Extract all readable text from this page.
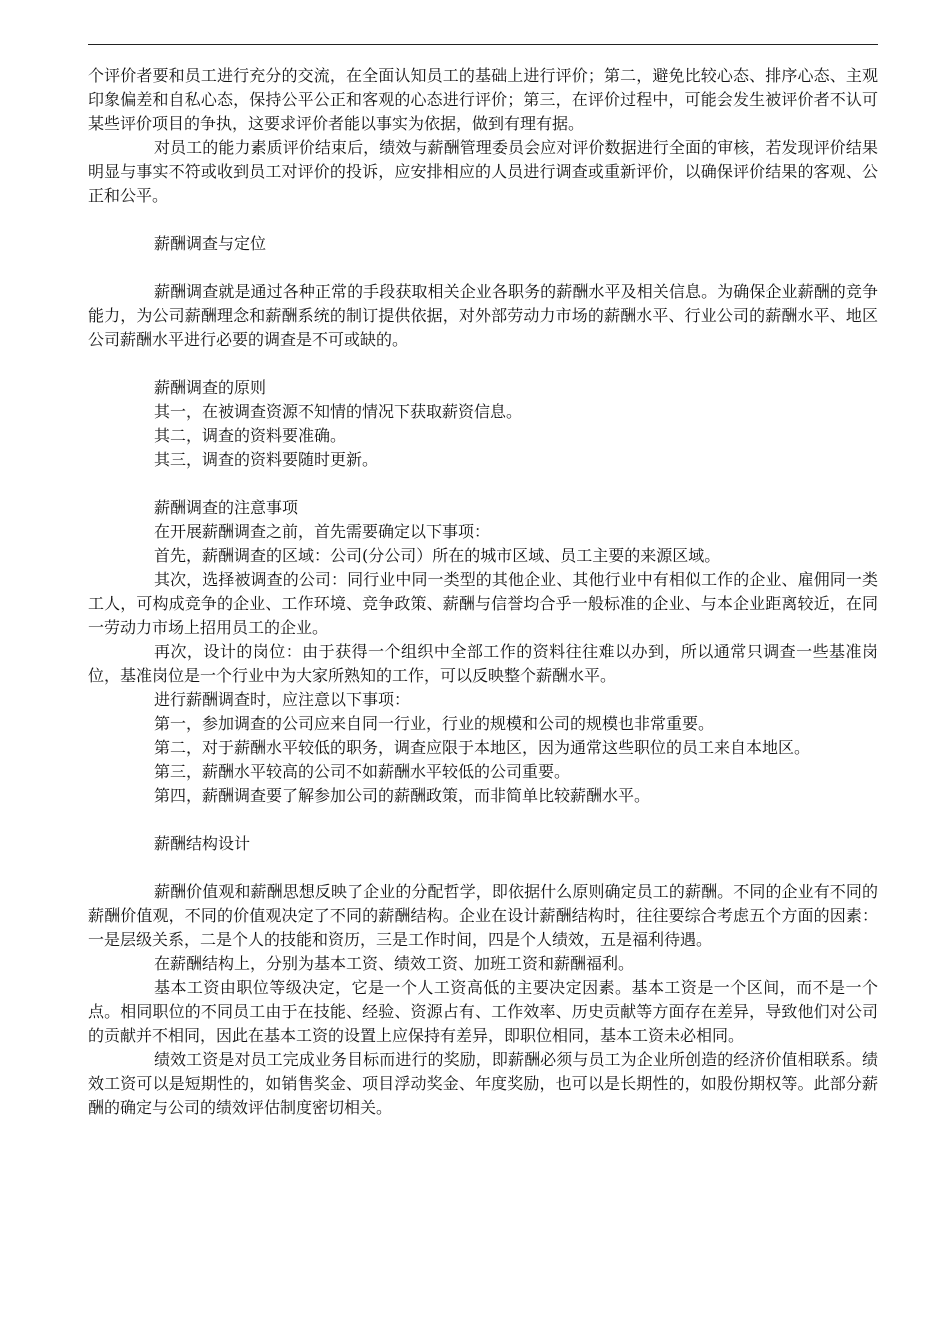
个评价者要和员工进行充分的交流，在全面认知员工的基础上进行评价；第二，避免比较心态、排序心态、主观印象偏差和自私心态，保持公平公正和客观的心态进行评价；第三，在评价过程中，可能会发生被评价者不认可某些评价项目的争执，这要求评价者能以事实为依据，做到有理有据。

对员工的能力素质评价结束后，绩效与薪酬管理委员会应对评价数据进行全面的审核，若发现评价结果明显与事实不符或收到员工对评价的投诉，应安排相应的人员进行调查或重新评价，以确保评价结果的客观、公正和公平。

薪酬调查与定位

薪酬调查就是通过各种正常的手段获取相关企业各职务的薪酬水平及相关信息。为确保企业薪酬的竞争能力，为公司薪酬理念和薪酬系统的制订提供依据，对外部劳动力市场的薪酬水平、行业公司的薪酬水平、地区公司薪酬水平进行必要的调查是不可或缺的。

薪酬调查的原则

其一，在被调查资源不知情的情况下获取薪资信息。

其二，调查的资料要准确。

其三，调查的资料要随时更新。

薪酬调查的注意事项

在开展薪酬调查之前，首先需要确定以下事项：

首先，薪酬调查的区域：公司(分公司）所在的城市区域、员工主要的来源区域。

其次，选择被调查的公司：同行业中同一类型的其他企业、其他行业中有相似工作的企业、雇佣同一类工人，可构成竞争的企业、工作环境、竞争政策、薪酬与信誉均合乎一般标准的企业、与本企业距离较近，在同一劳动力市场上招用员工的企业。

再次，设计的岗位：由于获得一个组织中全部工作的资料往往难以办到，所以通常只调查一些基准岗位，基准岗位是一个行业中为大家所熟知的工作，可以反映整个薪酬水平。

进行薪酬调查时，应注意以下事项：

第一，参加调查的公司应来自同一行业，行业的规模和公司的规模也非常重要。

第二，对于薪酬水平较低的职务，调查应限于本地区，因为通常这些职位的员工来自本地区。

第三，薪酬水平较高的公司不如薪酬水平较低的公司重要。

第四，薪酬调查要了解参加公司的薪酬政策，而非简单比较薪酬水平。

薪酬结构设计

薪酬价值观和薪酬思想反映了企业的分配哲学，即依据什么原则确定员工的薪酬。不同的企业有不同的薪酬价值观，不同的价值观决定了不同的薪酬结构。企业在设计薪酬结构时，往往要综合考虑五个方面的因素：一是层级关系，二是个人的技能和资历，三是工作时间，四是个人绩效，五是福利待遇。

在薪酬结构上，分别为基本工资、绩效工资、加班工资和薪酬福利。

基本工资由职位等级决定，它是一个人工资高低的主要决定因素。基本工资是一个区间，而不是一个点。相同职位的不同员工由于在技能、经验、资源占有、工作效率、历史贡献等方面存在差异，导致他们对公司的贡献并不相同，因此在基本工资的设置上应保持有差异，即职位相同，基本工资未必相同。

绩效工资是对员工完成业务目标而进行的奖励，即薪酬必须与员工为企业所创造的经济价值相联系。绩效工资可以是短期性的，如销售奖金、项目浮动奖金、年度奖励，也可以是长期性的，如股份期权等。此部分薪酬的确定与公司的绩效评估制度密切相关。
